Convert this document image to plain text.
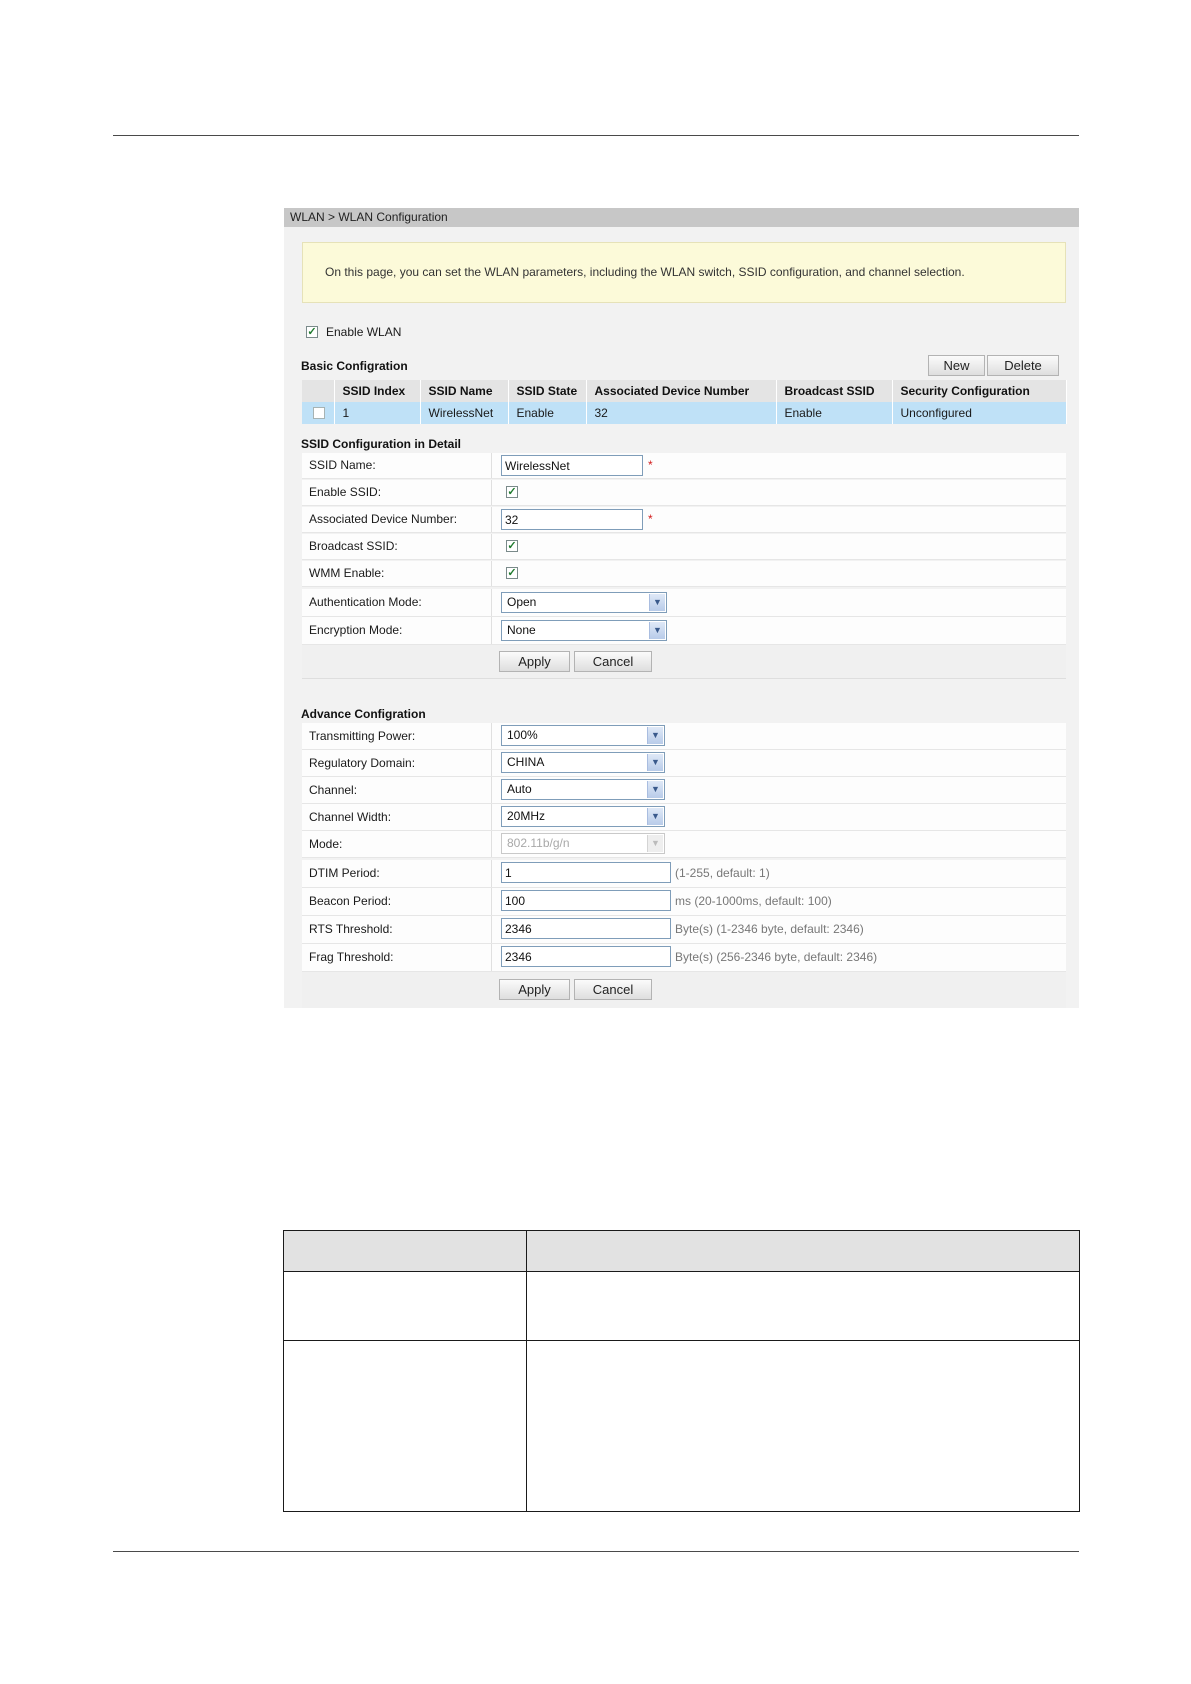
WLAN > WLAN Configuration
On this page, you can set the WLAN parameters, including the WLAN switch, SSID configuration, and channel selection.
✓ Enable WLAN
Basic Configration	New	Delete
	SSID Index	SSID Name	SSID State	Associated Device Number	Broadcast SSID	Security Configuration
	1	WirelessNet	Enable	32	Enable	Unconfigured
SSID Configuration in Detail
SSID Name:
WirelessNet	*
Enable SSID:	✓
Associated Device Number:
32	*
Broadcast SSID:	✓
WMM Enable:	✓
Authentication Mode:	Open	▼
Encryption Mode:	None	▼
Apply	Cancel
Advance Configration
Transmitting Power:	100%	▼
Regulatory Domain:	CHINA	▼
Channel:	Auto	▼
Channel Width:	20MHz	▼
Mode:	802.11b/g/n	▼
DTIM Period:
1	(1-255, default: 1)
Beacon Period:
100	ms (20-1000ms, default: 100)
RTS Threshold:
2346	Byte(s) (1-2346 byte, default: 2346)
Frag Threshold:
2346	Byte(s) (256-2346 byte, default: 2346)
Apply	Cancel
